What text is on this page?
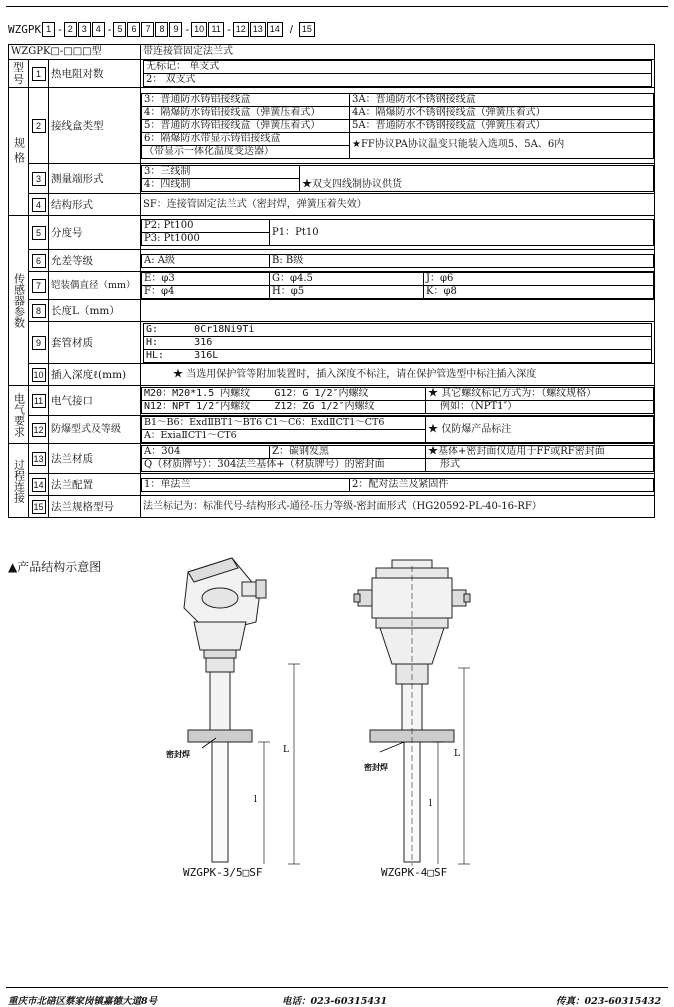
WZGPK 1 - 2 3 4 - 5 6 7 8 9 - 10 11 - 12 13 14 / 15
WZGPK□-□□□型	带连接管固定法兰式
型号	1	热电阻对数	
无标记： 单支式
2： 双支式

规格	2	接线盒类型	
3：普通防水铸铝接线盒	3A：普通防水不锈钢接线盒
4：隔爆防水铸铝接线盒（弹簧压着式）	4A：隔爆防水不锈钢接线盒（弹簧压着式）
5：普通防水铸铝接线盒（弹簧压着式）	5A：普通防水不锈钢接线盒（弹簧压着式）
6：隔爆防水带显示铸铝接线盒	★FF协议PA协议温变只能装入选项5、5A、6内
（带显示一体化温度变送器）

3	测量端形式	
3：三线制	★双支四线制协议供货
4：四线制

4	结构形式	SF：连接管固定法兰式（密封焊，弹簧压着失效）
传感器参数	5	分度号	
P2: Pt100	P1：Pt10
P3: Pt1000

6	允差等级		A: A级	B: B级

7	铠装偶直径（mm）	
E：φ3	G：φ4.5	J：φ6
F：φ4	H：φ5	K：φ8

8	长度L（mm）	
9	套管材质	
G:      0Cr18Ni9Ti
H:      316
HL:     316L

10	插入深度ℓ(mm)	★ 当选用保护管等附加装置时，插入深度不标注，请在保护管选型中标注插入深度
电气要求	11	电气接口	
M20：M20*1.5 内螺纹    G12：G 1/2″内螺纹	★ 其它螺纹标记方式为：（螺纹规格）
N12：NPT 1/2″内螺纹    Z12：ZG 1/2″内螺纹	例如：（NPT1″）

12	防爆型式及等级	
B1～B6：ExdⅡBT1～BT6 C1～C6：ExdⅡCT1～CT6	★ 仅防爆产品标注
A：ExiaⅡCT1～CT6

过程连接	13	法兰材质	
A：304	Z：碳钢发黑	★基体+密封面仅适用于FF或RF密封面
Q（材质牌号）：304法兰基体+（材质牌号）的密封面	形式

14	法兰配置		1：单法兰	2：配对法兰及紧固件

15	法兰规格型号	法兰标记为：标准代号-结构形式-通径-压力等级-密封面形式（HG20592-PL-40-16-RF）
▲产品结构示意图
密封焊	L
l
WZGPK-3/5□SF
密封焊
L
l
WZGPK-4□SF
重庆市北碚区蔡家岗镇嘉德大道8号	电话：023-60315431	传真：023-60315432
